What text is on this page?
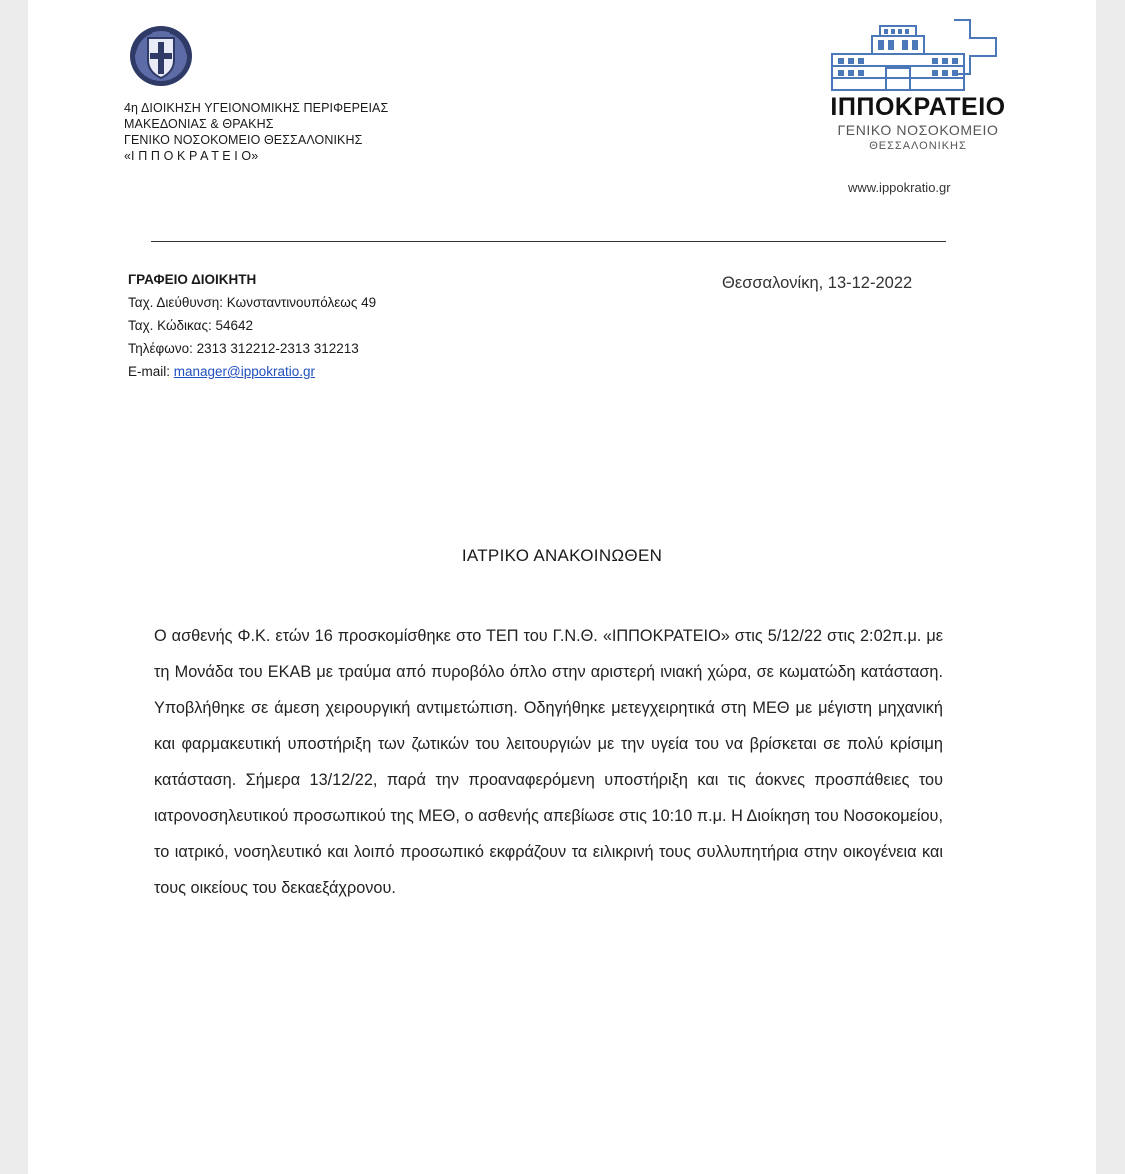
4η ΔΙΟΙΚΗΣΗ ΥΓΕΙΟΝΟΜΙΚΗΣ ΠΕΡΙΦΕΡΕΙΑΣ
ΜΑΚΕΔΟΝΙΑΣ & ΘΡΑΚΗΣ
ΓΕΝΙΚΟ ΝΟΣΟΚΟΜΕΙΟ ΘΕΣΣΑΛΟΝΙΚΗΣ
«Ι Π Π Ο Κ Ρ Α Τ Ε Ι Ο»
ΙΠΠΟΚΡΑΤΕΙΟ
ΓΕΝΙΚΟ ΝΟΣΟΚΟΜΕΙΟ
ΘΕΣΣΑΛΟΝΙΚΗΣ
www.ippokratio.gr
ΓΡΑΦΕΙΟ ΔΙΟΙΚΗΤΗ
Ταχ. Διεύθυνση: Κωνσταντινουπόλεως 49
Ταχ. Κώδικας: 54642
Τηλέφωνο: 2313 312212-2313 312213
E-mail: manager@ippokratio.gr
Θεσσαλονίκη, 13-12-2022
ΙΑΤΡΙΚΟ ΑΝΑΚΟΙΝΩΘΕΝ

Ο ασθενής Φ.Κ. ετών 16 προσκομίσθηκε στο ΤΕΠ του Γ.Ν.Θ. «ΙΠΠΟΚΡΑΤΕΙΟ» στις 5/12/22 στις 2:02π.μ. με τη Μονάδα του ΕΚΑΒ με τραύμα από πυροβόλο όπλο στην αριστερή ινιακή χώρα, σε κωματώδη κατάσταση. Υποβλήθηκε σε άμεση χειρουργική αντιμετώπιση. Οδηγήθηκε μετεγχειρητικά στη ΜΕΘ με μέγιστη μηχανική και φαρμακευτική υποστήριξη των ζωτικών του λειτουργιών με την υγεία του να βρίσκεται σε πολύ κρίσιμη κατάσταση. Σήμερα 13/12/22, παρά την προαναφερόμενη υποστήριξη και τις άοκνες προσπάθειες του ιατρονοσηλευτικού προσωπικού της ΜΕΘ, ο ασθενής απεβίωσε στις 10:10 π.μ. Η Διοίκηση του Νοσοκομείου, το ιατρικό, νοσηλευτικό και λοιπό προσωπικό εκφράζουν τα ειλικρινή τους συλλυπητήρια στην οικογένεια και τους οικείους του δεκαεξάχρονου.
